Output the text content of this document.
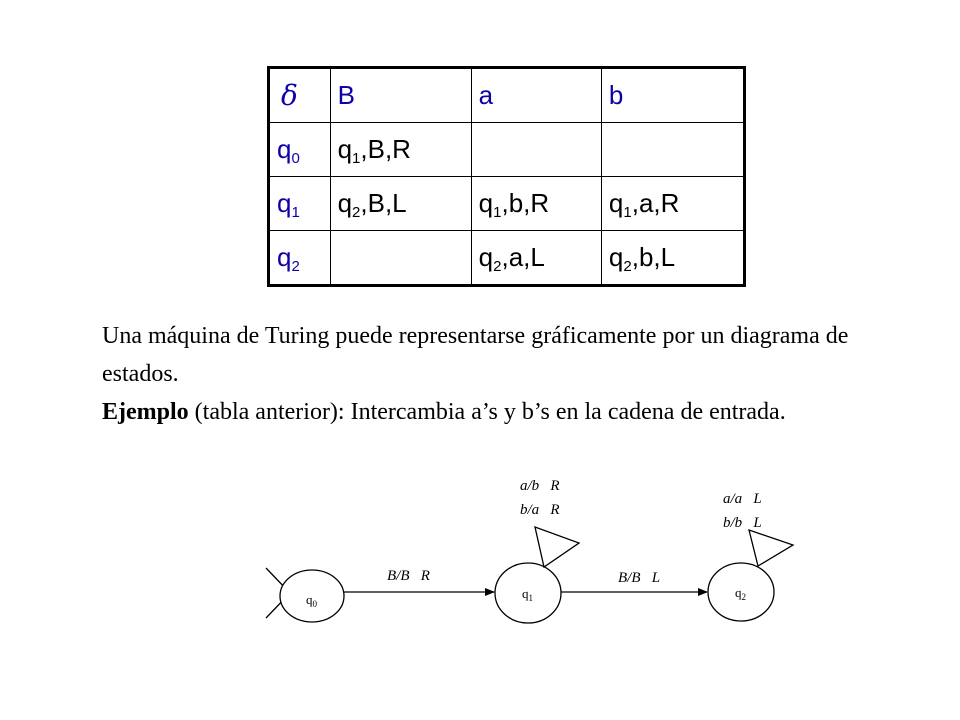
δ	B	a	b
$q_0$	$q_1,B,R$		
$q_1$	$q_2,B,L$	$q_1,b,R$	$q_1,a,R$
$q_2$		$q_2,a,L$	$q_2,b,L$

Una máquina de Turing puede representarse gráficamente por un diagrama de estados.

Ejemplo (tabla anterior): Intercambia a’s y b’s en la cadena de entrada.

$q_0$
$q_1$	$q_2$
B/B   R	B/B   L
a/b   R
b/a   R
a/a   L
b/b   L
